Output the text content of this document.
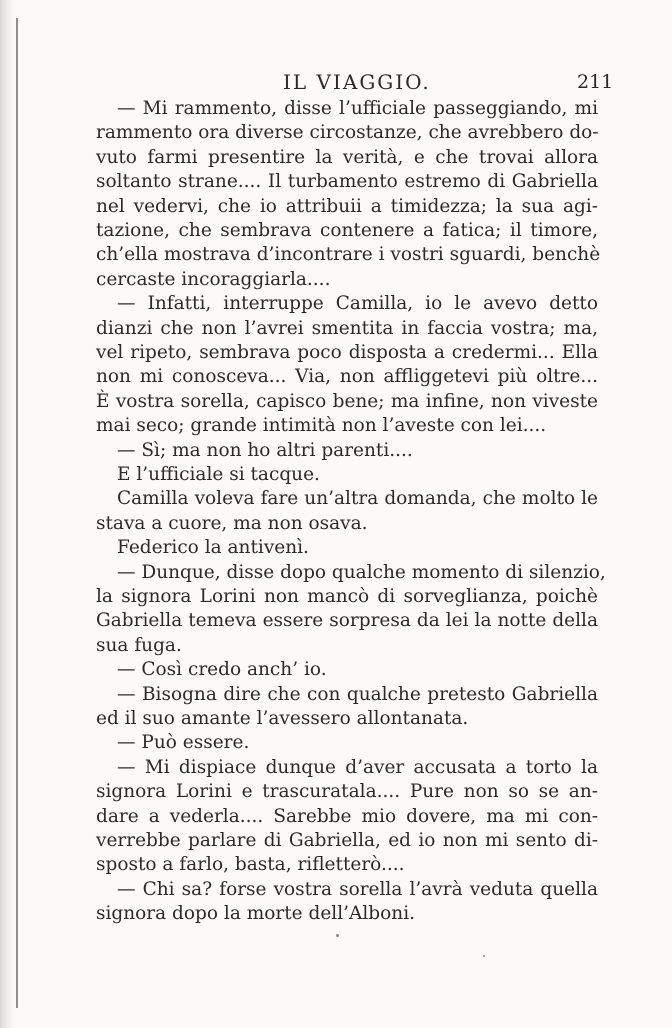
IL VIAGGIO.	211
— Mi rammento, disse l’ufficiale passeggiando, mi
rammento ora diverse circostanze, che avrebbero do-
vuto farmi presentire la verità, e che trovai allora
soltanto strane.... Il turbamento estremo di Gabriella
nel vedervi, che io attribuii a timidezza; la sua agi-
tazione, che sembrava contenere a fatica; il timore,
ch’ella mostrava d’incontrare i vostri sguardi, benchè
cercaste incoraggiarla....
— Infatti, interruppe Camilla, io le avevo detto
dianzi che non l’avrei smentita in faccia vostra; ma,
vel ripeto, sembrava poco disposta a credermi... Ella
non mi conosceva... Via, non affliggetevi più oltre...
È vostra sorella, capisco bene; ma infine, non viveste
mai seco; grande intimità non l’aveste con lei....
— Sì; ma non ho altri parenti....
E l’ufficiale si tacque.
Camilla voleva fare un’altra domanda, che molto le
stava a cuore, ma non osava.
Federico la antivenì.
— Dunque, disse dopo qualche momento di silenzio,
la signora Lorini non mancò di sorveglianza, poichè
Gabriella temeva essere sorpresa da lei la notte della
sua fuga.
— Così credo anch’ io.
— Bisogna dire che con qualche pretesto Gabriella
ed il suo amante l’avessero allontanata.
— Può essere.
— Mi dispiace dunque d’aver accusata a torto la
signora Lorini e trascuratala.... Pure non so se an-
dare a vederla.... Sarebbe mio dovere, ma mi con-
verrebbe parlare di Gabriella, ed io non mi sento di-
sposto a farlo, basta, rifletterò....
— Chi sa? forse vostra sorella l’avrà veduta quella
signora dopo la morte dell’Alboni.
